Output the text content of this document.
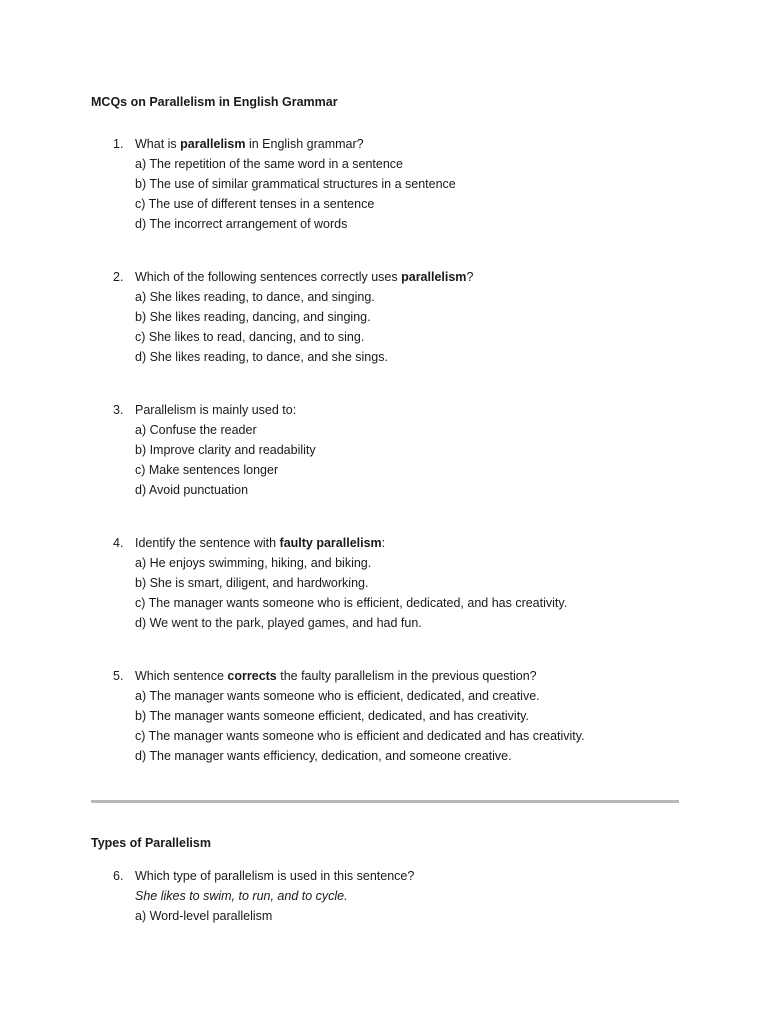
MCQs on Parallelism in English Grammar
1. What is parallelism in English grammar?
a) The repetition of the same word in a sentence
b) The use of similar grammatical structures in a sentence
c) The use of different tenses in a sentence
d) The incorrect arrangement of words
2. Which of the following sentences correctly uses parallelism?
a) She likes reading, to dance, and singing.
b) She likes reading, dancing, and singing.
c) She likes to read, dancing, and to sing.
d) She likes reading, to dance, and she sings.
3. Parallelism is mainly used to:
a) Confuse the reader
b) Improve clarity and readability
c) Make sentences longer
d) Avoid punctuation
4. Identify the sentence with faulty parallelism:
a) He enjoys swimming, hiking, and biking.
b) She is smart, diligent, and hardworking.
c) The manager wants someone who is efficient, dedicated, and has creativity.
d) We went to the park, played games, and had fun.
5. Which sentence corrects the faulty parallelism in the previous question?
a) The manager wants someone who is efficient, dedicated, and creative.
b) The manager wants someone efficient, dedicated, and has creativity.
c) The manager wants someone who is efficient and dedicated and has creativity.
d) The manager wants efficiency, dedication, and someone creative.
Types of Parallelism
6. Which type of parallelism is used in this sentence?
She likes to swim, to run, and to cycle.
a) Word-level parallelism
